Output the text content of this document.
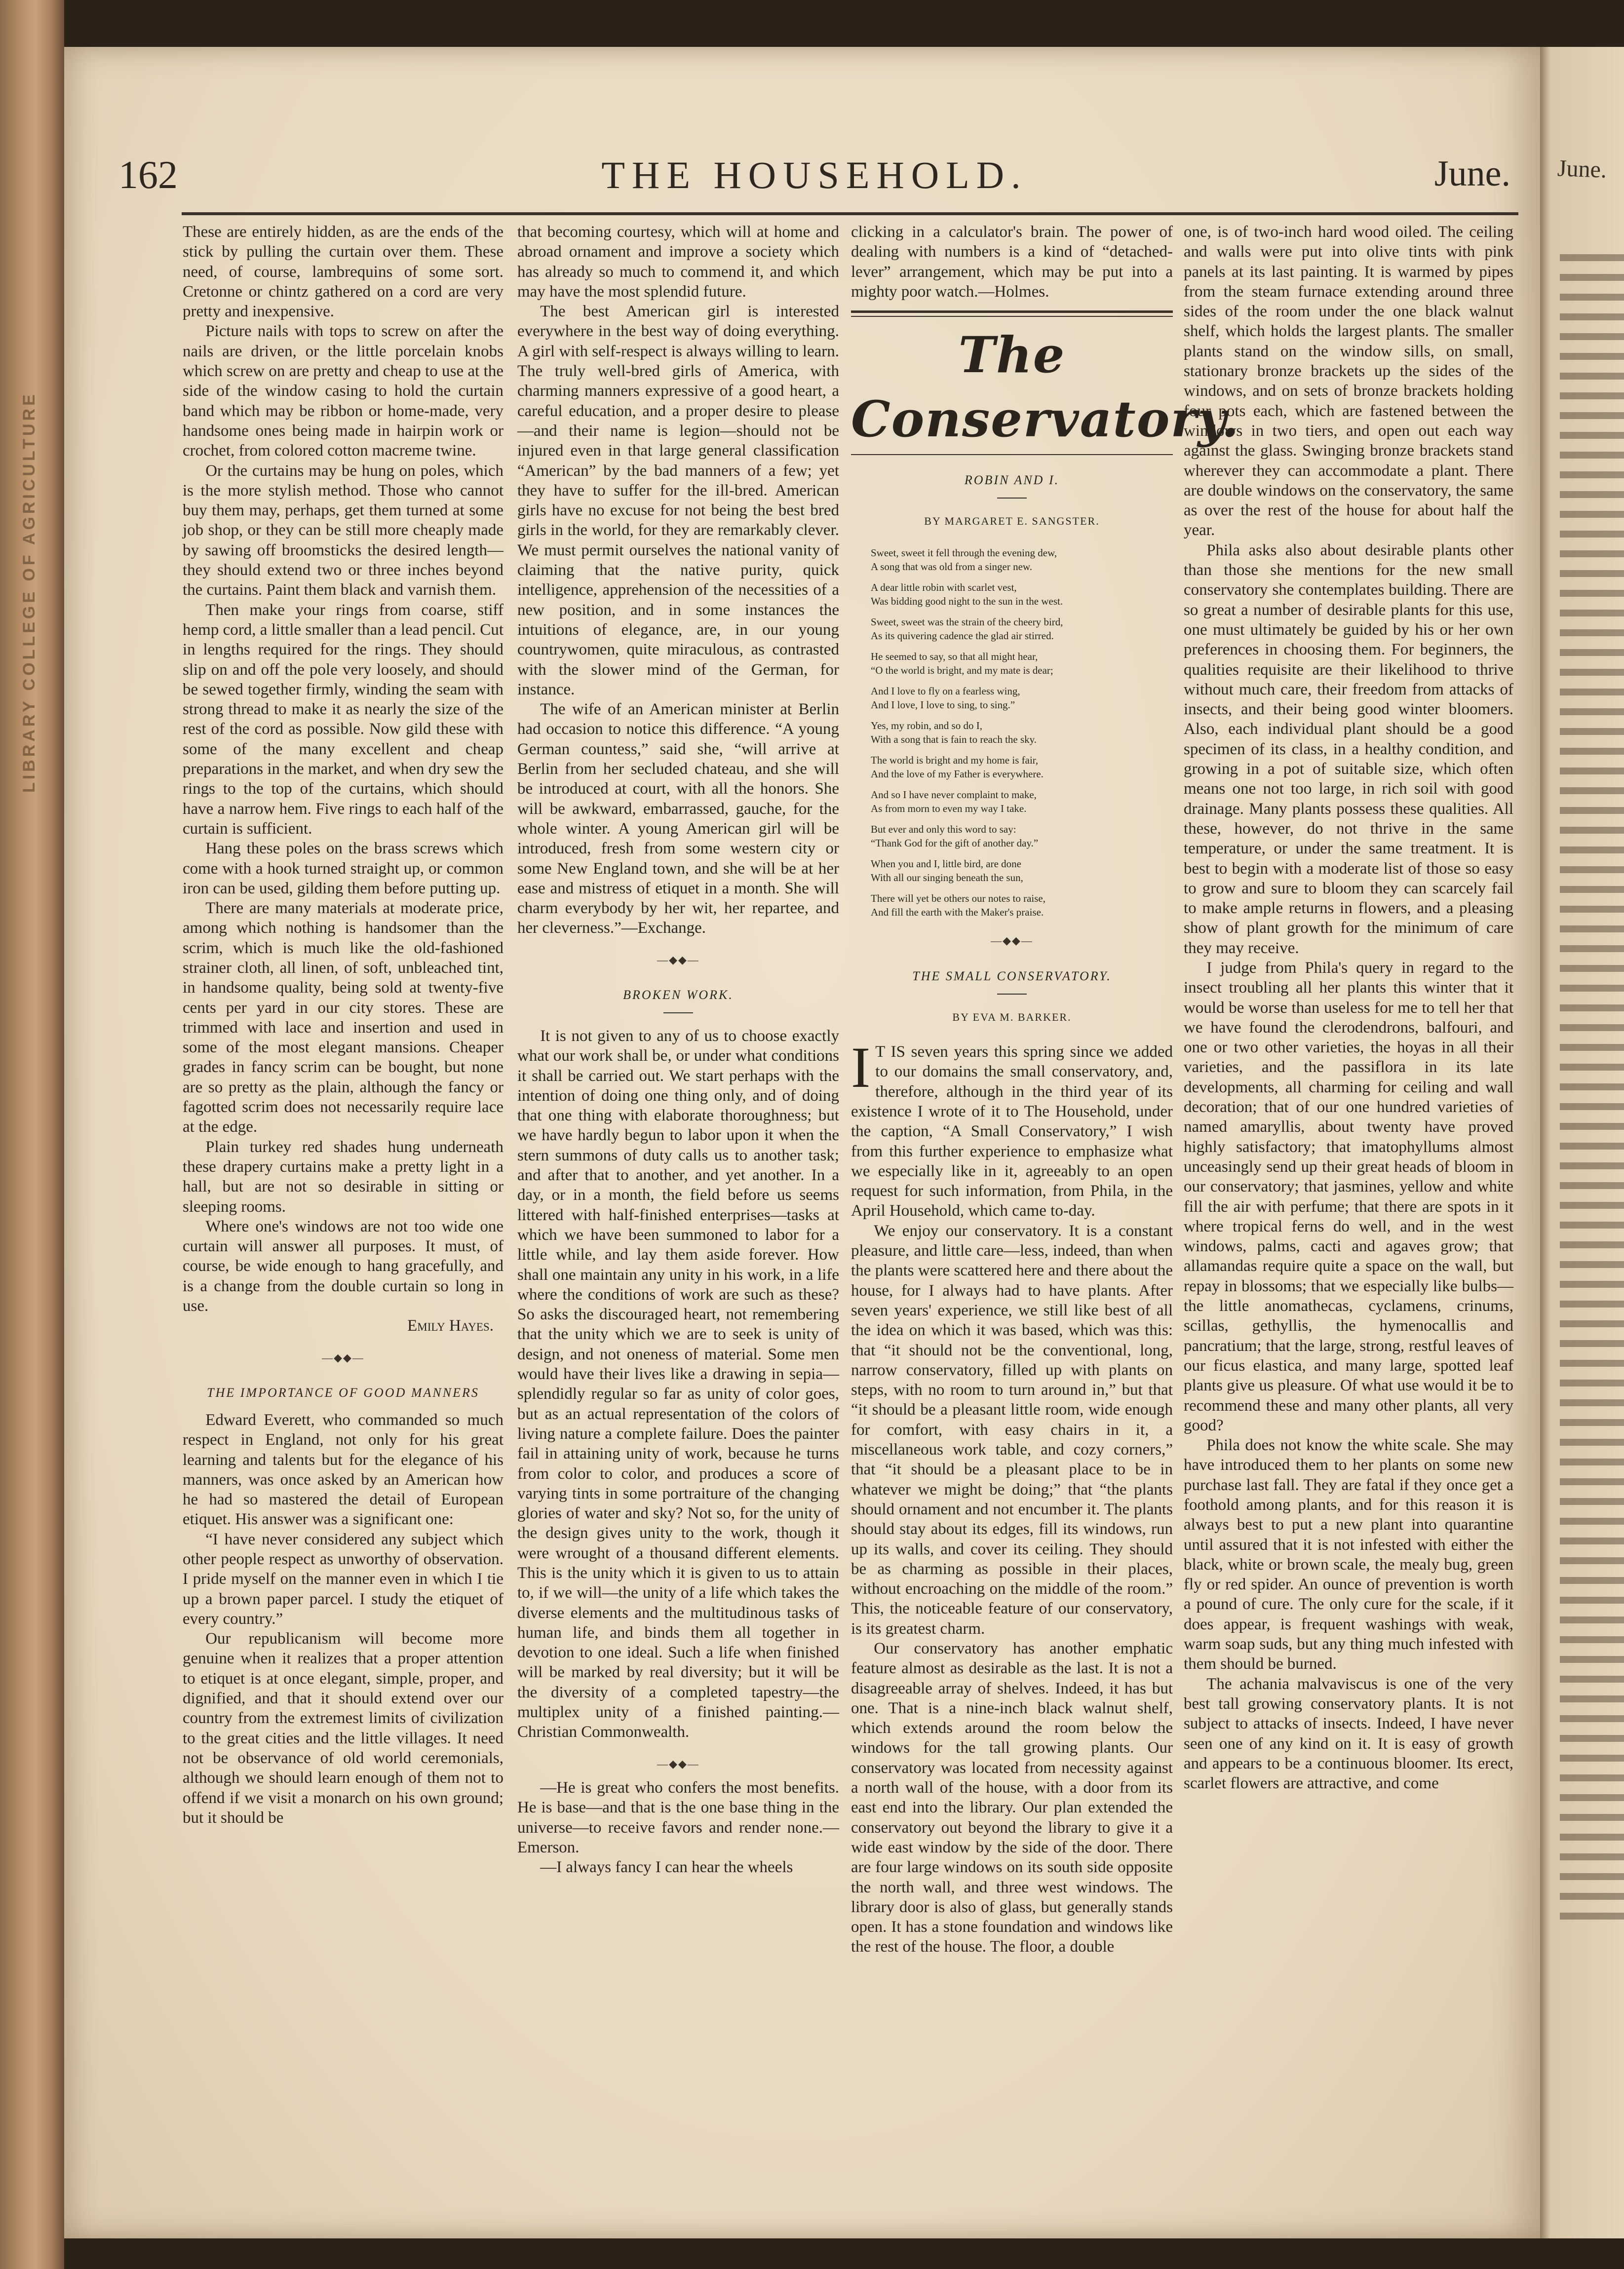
LIBRARY COLLEGE OF AGRICULTURE
June.
162	THE HOUSEHOLD.	June.

These are entirely hidden, as are the ends of the stick by pulling the curtain over them. These need, of course, lambrequins of some sort. Cretonne or chintz gathered on a cord are very pretty and inexpensive.

Picture nails with tops to screw on after the nails are driven, or the little porcelain knobs which screw on are pretty and cheap to use at the side of the window casing to hold the curtain band which may be ribbon or home-made, very handsome ones being made in hairpin work or crochet, from colored cotton macreme twine.

Or the curtains may be hung on poles, which is the more stylish method. Those who cannot buy them may, perhaps, get them turned at some job shop, or they can be still more cheaply made by sawing off broomsticks the desired length—they should extend two or three inches beyond the curtains. Paint them black and varnish them.

Then make your rings from coarse, stiff hemp cord, a little smaller than a lead pencil. Cut in lengths required for the rings. They should slip on and off the pole very loosely, and should be sewed together firmly, winding the seam with strong thread to make it as nearly the size of the rest of the cord as possible. Now gild these with some of the many excellent and cheap preparations in the market, and when dry sew the rings to the top of the curtains, which should have a narrow hem. Five rings to each half of the curtain is sufficient.

Hang these poles on the brass screws which come with a hook turned straight up, or common iron can be used, gilding them before putting up.

There are many materials at moderate price, among which nothing is handsomer than the scrim, which is much like the old-fashioned strainer cloth, all linen, of soft, unbleached tint, in handsome quality, being sold at twenty-five cents per yard in our city stores. These are trimmed with lace and insertion and used in some of the most elegant mansions. Cheaper grades in fancy scrim can be bought, but none are so pretty as the plain, although the fancy or fagotted scrim does not necessarily require lace at the edge.

Plain turkey red shades hung underneath these drapery curtains make a pretty light in a hall, but are not so desirable in sitting or sleeping rooms.

Where one's windows are not too wide one curtain will answer all purposes. It must, of course, be wide enough to hang gracefully, and is a change from the double curtain so long in use.

Emily Hayes.

—◆◆—
THE IMPORTANCE OF GOOD MANNERS

Edward Everett, who commanded so much respect in England, not only for his great learning and talents but for the elegance of his manners, was once asked by an American how he had so mastered the detail of European etiquet. His answer was a significant one:

“I have never considered any subject which other people respect as unworthy of observation. I pride myself on the manner even in which I tie up a brown paper parcel. I study the etiquet of every country.”

Our republicanism will become more genuine when it realizes that a proper attention to etiquet is at once elegant, simple, proper, and dignified, and that it should extend over our country from the extremest limits of civilization to the great cities and the little villages. It need not be observance of old world ceremonials, although we should learn enough of them not to offend if we visit a monarch on his own ground; but it should be

that becoming courtesy, which will at home and abroad ornament and improve a society which has already so much to commend it, and which may have the most splendid future.

The best American girl is interested everywhere in the best way of doing everything. A girl with self-respect is always willing to learn. The truly well-bred girls of America, with charming manners expressive of a good heart, a careful education, and a proper desire to please—and their name is legion—should not be injured even in that large general classification “American” by the bad manners of a few; yet they have to suffer for the ill-bred. American girls have no excuse for not being the best bred girls in the world, for they are remarkably clever. We must permit ourselves the national vanity of claiming that the native purity, quick intelligence, apprehension of the necessities of a new position, and in some instances the intuitions of elegance, are, in our young countrywomen, quite miraculous, as contrasted with the slower mind of the German, for instance.

The wife of an American minister at Berlin had occasion to notice this difference. “A young German countess,” said she, “will arrive at Berlin from her secluded chateau, and she will be introduced at court, with all the honors. She will be awkward, embarrassed, gauche, for the whole winter. A young American girl will be introduced, fresh from some western city or some New England town, and she will be at her ease and mistress of etiquet in a month. She will charm everybody by her wit, her repartee, and her cleverness.”—Exchange.

—◆◆—
BROKEN WORK.

It is not given to any of us to choose exactly what our work shall be, or under what conditions it shall be carried out. We start perhaps with the intention of doing one thing only, and of doing that one thing with elaborate thoroughness; but we have hardly begun to labor upon it when the stern summons of duty calls us to another task; and after that to another, and yet another. In a day, or in a month, the field before us seems littered with half-finished enterprises—tasks at which we have been summoned to labor for a little while, and lay them aside forever. How shall one maintain any unity in his work, in a life where the conditions of work are such as these? So asks the discouraged heart, not remembering that the unity which we are to seek is unity of design, and not oneness of material. Some men would have their lives like a drawing in sepia—splendidly regular so far as unity of color goes, but as an actual representation of the colors of living nature a complete failure. Does the painter fail in attaining unity of work, because he turns from color to color, and produces a score of varying tints in some portraiture of the changing glories of water and sky? Not so, for the unity of the design gives unity to the work, though it were wrought of a thousand different elements. This is the unity which it is given to us to attain to, if we will—the unity of a life which takes the diverse elements and the multitudinous tasks of human life, and binds them all together in devotion to one ideal. Such a life when finished will be marked by real diversity; but it will be the diversity of a completed tapestry—the multiplex unity of a finished painting.—Christian Commonwealth.

—◆◆—

—He is great who confers the most benefits. He is base—and that is the one base thing in the universe—to receive favors and render none.—Emerson.

—I always fancy I can hear the wheels

clicking in a calculator's brain. The power of dealing with numbers is a kind of “detached-lever” arrangement, which may be put into a mighty poor watch.—Holmes.

The Conservatory.
ROBIN AND I.
BY MARGARET E. SANGSTER.
Sweet, sweet it fell through the evening dew,
A song that was old from a singer new.
A dear little robin with scarlet vest,
Was bidding good night to the sun in the west.
Sweet, sweet was the strain of the cheery bird,
As its quivering cadence the glad air stirred.
He seemed to say, so that all might hear,
“O the world is bright, and my mate is dear;
And I love to fly on a fearless wing,
And I love, I love to sing, to sing.”
Yes, my robin, and so do I,
With a song that is fain to reach the sky.
The world is bright and my home is fair,
And the love of my Father is everywhere.
And so I have never complaint to make,
As from morn to even my way I take.
But ever and only this word to say:
“Thank God for the gift of another day.”
When you and I, little bird, are done
With all our singing beneath the sun,
There will yet be others our notes to raise,
And fill the earth with the Maker's praise.
—◆◆—
THE SMALL CONSERVATORY.
BY EVA M. BARKER.

I T IS seven years this spring since we added to our domains the small conservatory, and, therefore, although in the third year of its existence I wrote of it to The Household, under the caption, “A Small Conservatory,” I wish from this further experience to emphasize what we especially like in it, agreeably to an open request for such information, from Phila, in the April Household, which came to-day.

We enjoy our conservatory. It is a constant pleasure, and little care—less, indeed, than when the plants were scattered here and there about the house, for I always had to have plants. After seven years' experience, we still like best of all the idea on which it was based, which was this: that “it should not be the conventional, long, narrow conservatory, filled up with plants on steps, with no room to turn around in,” but that “it should be a pleasant little room, wide enough for comfort, with easy chairs in it, a miscellaneous work table, and cozy corners,” that “it should be a pleasant place to be in whatever we might be doing;” that “the plants should ornament and not encumber it. The plants should stay about its edges, fill its windows, run up its walls, and cover its ceiling. They should be as charming as possible in their places, without encroaching on the middle of the room.” This, the noticeable feature of our conservatory, is its greatest charm.

Our conservatory has another emphatic feature almost as desirable as the last. It is not a disagreeable array of shelves. Indeed, it has but one. That is a nine-inch black walnut shelf, which extends around the room below the windows for the tall growing plants. Our conservatory was located from necessity against a north wall of the house, with a door from its east end into the library. Our plan extended the conservatory out beyond the library to give it a wide east window by the side of the door. There are four large windows on its south side opposite the north wall, and three west windows. The library door is also of glass, but generally stands open. It has a stone foundation and windows like the rest of the house. The floor, a double

one, is of two-inch hard wood oiled. The ceiling and walls were put into olive tints with pink panels at its last painting. It is warmed by pipes from the steam furnace extending around three sides of the room under the one black walnut shelf, which holds the largest plants. The smaller plants stand on the window sills, on small, stationary bronze brackets up the sides of the windows, and on sets of bronze brackets holding four pots each, which are fastened between the windows in two tiers, and open out each way against the glass. Swinging bronze brackets stand wherever they can accommodate a plant. There are double windows on the conservatory, the same as over the rest of the house for about half the year.

Phila asks also about desirable plants other than those she mentions for the new small conservatory she contemplates building. There are so great a number of desirable plants for this use, one must ultimately be guided by his or her own preferences in choosing them. For beginners, the qualities requisite are their likelihood to thrive without much care, their freedom from attacks of insects, and their being good winter bloomers. Also, each individual plant should be a good specimen of its class, in a healthy condition, and growing in a pot of suitable size, which often means one not too large, in rich soil with good drainage. Many plants possess these qualities. All these, however, do not thrive in the same temperature, or under the same treatment. It is best to begin with a moderate list of those so easy to grow and sure to bloom they can scarcely fail to make ample returns in flowers, and a pleasing show of plant growth for the minimum of care they may receive.

I judge from Phila's query in regard to the insect troubling all her plants this winter that it would be worse than useless for me to tell her that we have found the clerodendrons, balfouri, and one or two other varieties, the hoyas in all their varieties, and the passiflora in its late developments, all charming for ceiling and wall decoration; that of our one hundred varieties of named amaryllis, about twenty have proved highly satisfactory; that imatophyllums almost unceasingly send up their great heads of bloom in our conservatory; that jasmines, yellow and white fill the air with perfume; that there are spots in it where tropical ferns do well, and in the west windows, palms, cacti and agaves grow; that allamandas require quite a space on the wall, but repay in blossoms; that we especially like bulbs—the little anomathecas, cyclamens, crinums, scillas, gethyllis, the hymenocallis and pancratium; that the large, strong, restful leaves of our ficus elastica, and many large, spotted leaf plants give us pleasure. Of what use would it be to recommend these and many other plants, all very good?

Phila does not know the white scale. She may have introduced them to her plants on some new purchase last fall. They are fatal if they once get a foothold among plants, and for this reason it is always best to put a new plant into quarantine until assured that it is not infested with either the black, white or brown scale, the mealy bug, green fly or red spider. An ounce of prevention is worth a pound of cure. The only cure for the scale, if it does appear, is frequent washings with weak, warm soap suds, but any thing much infested with them should be burned.

The achania malvaviscus is one of the very best tall growing conservatory plants. It is not subject to attacks of insects. Indeed, I have never seen one of any kind on it. It is easy of growth and appears to be a continuous bloomer. Its erect, scarlet flowers are attractive, and come
